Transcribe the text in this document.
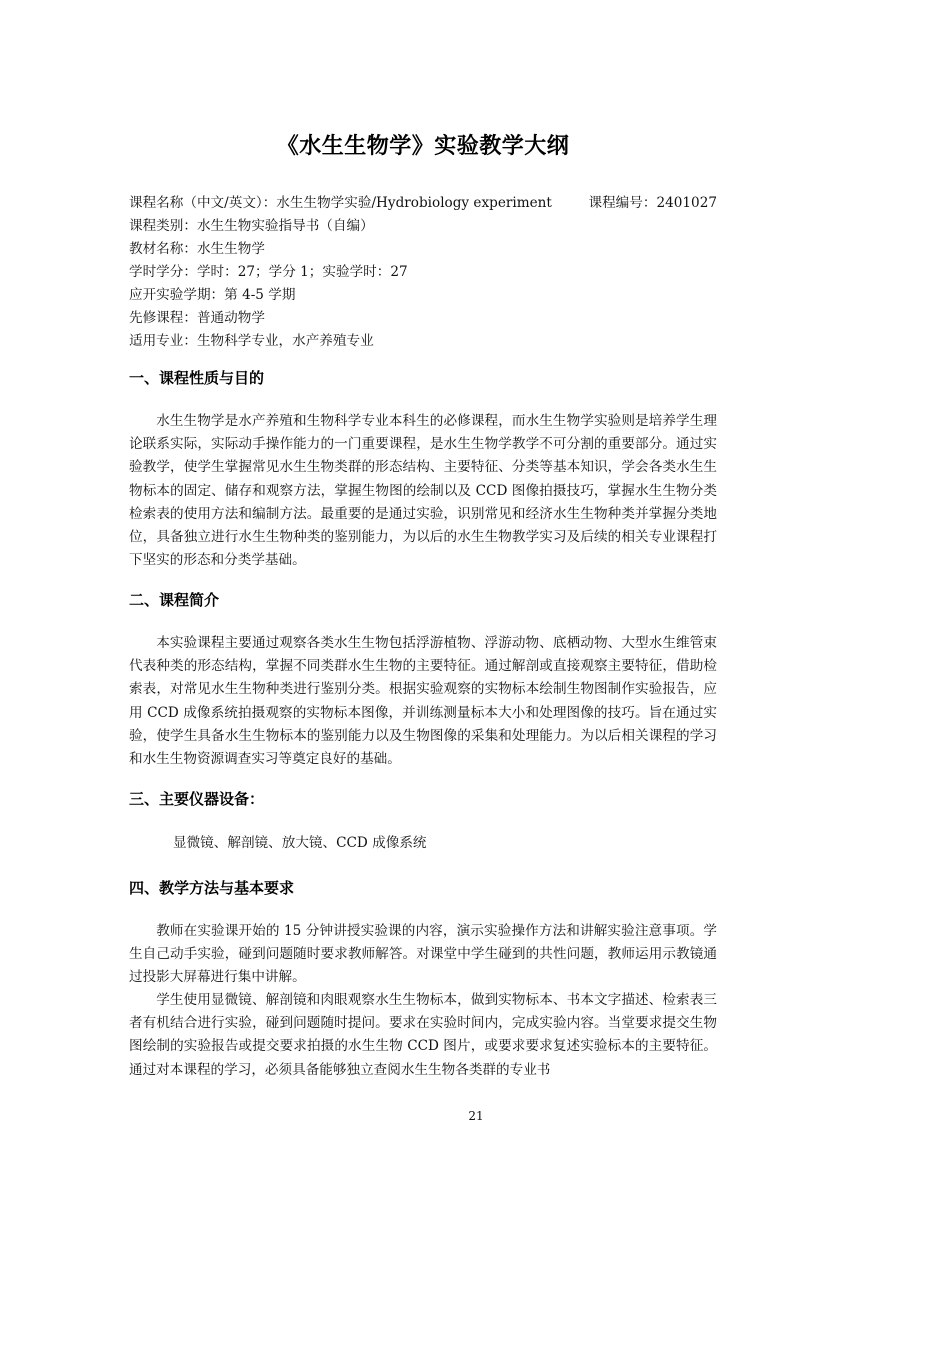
《水生生物学》实验教学大纲
课程名称（中文/英文）：水生生物学实验/Hydrobiology experiment	课程编号：2401027
课程类别：水生生物实验指导书（自编）
教材名称：水生生物学
学时学分：学时：27；学分 1；实验学时：27
应开实验学期：第 4-5 学期
先修课程：普通动物学
适用专业：生物科学专业，水产养殖专业
一、课程性质与目的
水生生物学是水产养殖和生物科学专业本科生的必修课程，而水生生物学实验则是培养学生理论联系实际，实际动手操作能力的一门重要课程，是水生生物学教学不可分割的重要部分。通过实验教学，使学生掌握常见水生生物类群的形态结构、主要特征、分类等基本知识，学会各类水生生物标本的固定、储存和观察方法，掌握生物图的绘制以及 CCD 图像拍摄技巧，掌握水生生物分类检索表的使用方法和编制方法。最重要的是通过实验，识别常见和经济水生生物种类并掌握分类地位，具备独立进行水生生物种类的鉴别能力，为以后的水生生物教学实习及后续的相关专业课程打下坚实的形态和分类学基础。
二、课程简介
本实验课程主要通过观察各类水生生物包括浮游植物、浮游动物、底栖动物、大型水生维管束代表种类的形态结构，掌握不同类群水生生物的主要特征。通过解剖或直接观察主要特征，借助检索表，对常见水生生物种类进行鉴别分类。根据实验观察的实物标本绘制生物图制作实验报告，应用 CCD 成像系统拍摄观察的实物标本图像，并训练测量标本大小和处理图像的技巧。旨在通过实验，使学生具备水生生物标本的鉴别能力以及生物图像的采集和处理能力。为以后相关课程的学习和水生生物资源调查实习等奠定良好的基础。
三、主要仪器设备：
显微镜、解剖镜、放大镜、CCD 成像系统
四、教学方法与基本要求
教师在实验课开始的 15 分钟讲授实验课的内容，演示实验操作方法和讲解实验注意事项。学生自己动手实验，碰到问题随时要求教师解答。对课堂中学生碰到的共性问题，教师运用示教镜通过投影大屏幕进行集中讲解。
学生使用显微镜、解剖镜和肉眼观察水生生物标本，做到实物标本、书本文字描述、检索表三者有机结合进行实验，碰到问题随时提问。要求在实验时间内，完成实验内容。当堂要求提交生物图绘制的实验报告或提交要求拍摄的水生生物 CCD 图片，或要求要求复述实验标本的主要特征。通过对本课程的学习，必须具备能够独立查阅水生生物各类群的专业书
21
